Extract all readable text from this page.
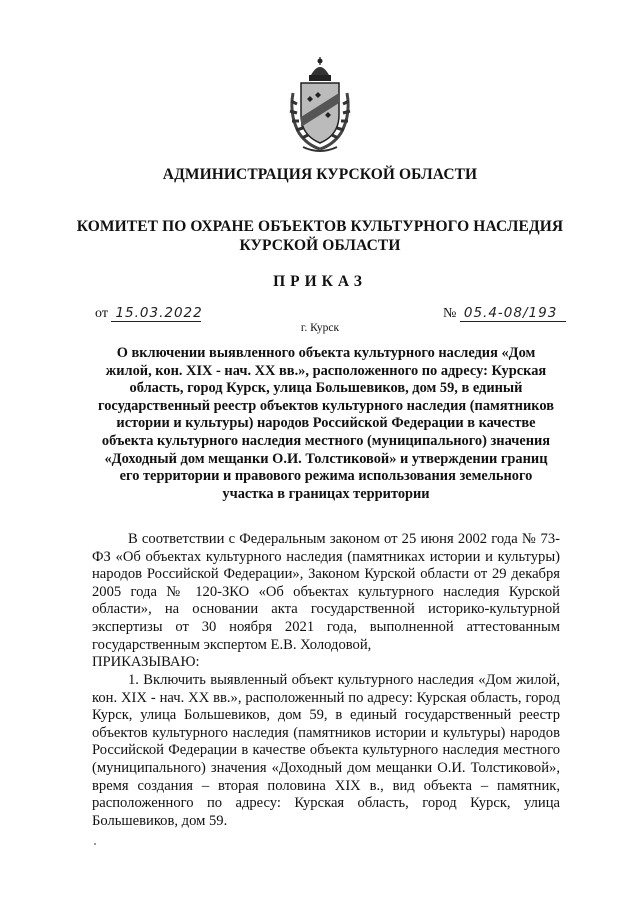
АДМИНИСТРАЦИЯ КУРСКОЙ ОБЛАСТИ
КОМИТЕТ ПО ОХРАНЕ ОБЪЕКТОВ КУЛЬТУРНОГО НАСЛЕДИЯ
КУРСКОЙ ОБЛАСТИ
ПРИКАЗ
от 15.03.2022	№ 05.4-08/193
г. Курск
О включении выявленного объекта культурного наследия «Дом жилой, кон. XIX - нач. XX вв.», расположенного по адресу: Курская область, город Курск, улица Большевиков, дом 59, в единый государственный реестр объектов культурного наследия (памятников истории и культуры) народов Российской Федерации в качестве объекта культурного наследия местного (муниципального) значения «Доходный дом мещанки О.И. Толстиковой» и утверждении границ его территории и правового режима использования земельного участка в границах территории
В соответствии с Федеральным законом от 25 июня 2002 года № 73-ФЗ «Об объектах культурного наследия (памятниках истории и культуры) народов Российской Федерации», Законом Курской области от 29 декабря 2005 года № 120-ЗКО «Об объектах культурного наследия Курской области», на основании акта государственной историко-культурной экспертизы от 30 ноября 2021 года, выполненной аттестованным государственным экспертом Е.В. Холодовой,
ПРИКАЗЫВАЮ:
1. Включить выявленный объект культурного наследия «Дом жилой, кон. XIX - нач. XX вв.», расположенный по адресу: Курская область, город Курск, улица Большевиков, дом 59, в единый государственный реестр объектов культурного наследия (памятников истории и культуры) народов Российской Федерации в качестве объекта культурного наследия местного (муниципального) значения «Доходный дом мещанки О.И. Толстиковой», время создания – вторая половина XIX в., вид объекта – памятник, расположенного по адресу: Курская область, город Курск, улица Большевиков, дом 59.
